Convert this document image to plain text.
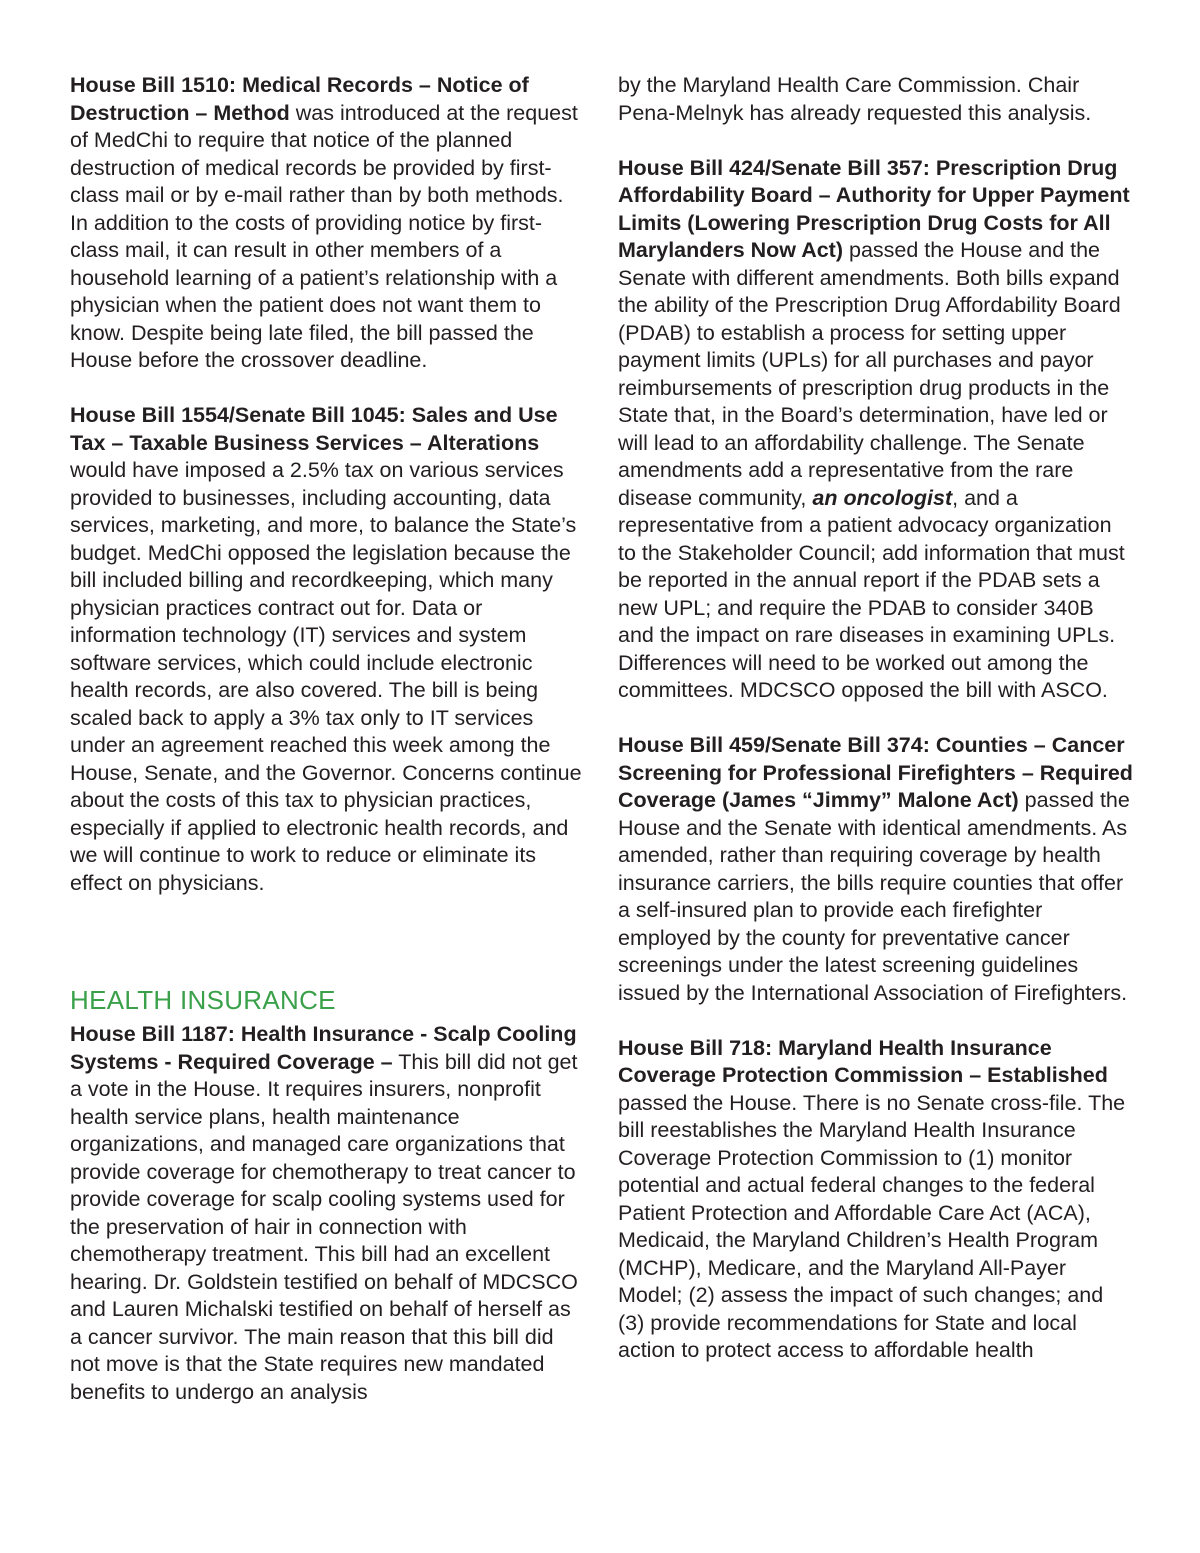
House Bill 1510: Medical Records – Notice of Destruction – Method was introduced at the request of MedChi to require that notice of the planned destruction of medical records be provided by first-class mail or by e-mail rather than by both methods. In addition to the costs of providing notice by first-class mail, it can result in other members of a household learning of a patient’s relationship with a physician when the patient does not want them to know. Despite being late filed, the bill passed the House before the crossover deadline.

House Bill 1554/Senate Bill 1045: Sales and Use Tax – Taxable Business Services – Alterations would have imposed a 2.5% tax on various services provided to businesses, including accounting, data services, marketing, and more, to balance the State’s budget. MedChi opposed the legislation because the bill included billing and recordkeeping, which many physician practices contract out for. Data or information technology (IT) services and system software services, which could include electronic health records, are also covered. The bill is being scaled back to apply a 3% tax only to IT services under an agreement reached this week among the House, Senate, and the Governor. Concerns continue about the costs of this tax to physician practices, especially if applied to electronic health records, and we will continue to work to reduce or eliminate its effect on physicians.

HEALTH INSURANCE

House Bill 1187: Health Insurance - Scalp Cooling Systems - Required Coverage – This bill did not get a vote in the House. It requires insurers, nonprofit health service plans, health maintenance organizations, and managed care organizations that provide coverage for chemotherapy to treat cancer to provide coverage for scalp cooling systems used for the preservation of hair in connection with chemotherapy treatment. This bill had an excellent hearing. Dr. Goldstein testified on behalf of MDCSCO and Lauren Michalski testified on behalf of herself as a cancer survivor. The main reason that this bill did not move is that the State requires new mandated benefits to undergo an analysis

by the Maryland Health Care Commission. Chair Pena-Melnyk has already requested this analysis.

House Bill 424/Senate Bill 357: Prescription Drug Affordability Board – Authority for Upper Payment Limits (Lowering Prescription Drug Costs for All Marylanders Now Act) passed the House and the Senate with different amendments. Both bills expand the ability of the Prescription Drug Affordability Board (PDAB) to establish a process for setting upper payment limits (UPLs) for all purchases and payor reimbursements of prescription drug products in the State that, in the Board’s determination, have led or will lead to an affordability challenge. The Senate amendments add a representative from the rare disease community, an oncologist, and a representative from a patient advocacy organization to the Stakeholder Council; add information that must be reported in the annual report if the PDAB sets a new UPL; and require the PDAB to consider 340B and the impact on rare diseases in examining UPLs. Differences will need to be worked out among the committees. MDCSCO opposed the bill with ASCO.

House Bill 459/Senate Bill 374: Counties – Cancer Screening for Professional Firefighters – Required Coverage (James “Jimmy” Malone Act) passed the House and the Senate with identical amendments. As amended, rather than requiring coverage by health insurance carriers, the bills require counties that offer a self-insured plan to provide each firefighter employed by the county for preventative cancer screenings under the latest screening guidelines issued by the International Association of Firefighters.

House Bill 718: Maryland Health Insurance Coverage Protection Commission – Established passed the House. There is no Senate cross-file. The bill reestablishes the Maryland Health Insurance Coverage Protection Commission to (1) monitor potential and actual federal changes to the federal Patient Protection and Affordable Care Act (ACA), Medicaid, the Maryland Children’s Health Program (MCHP), Medicare, and the Maryland All-Payer Model; (2) assess the impact of such changes; and (3) provide recommendations for State and local action to protect access to affordable health
